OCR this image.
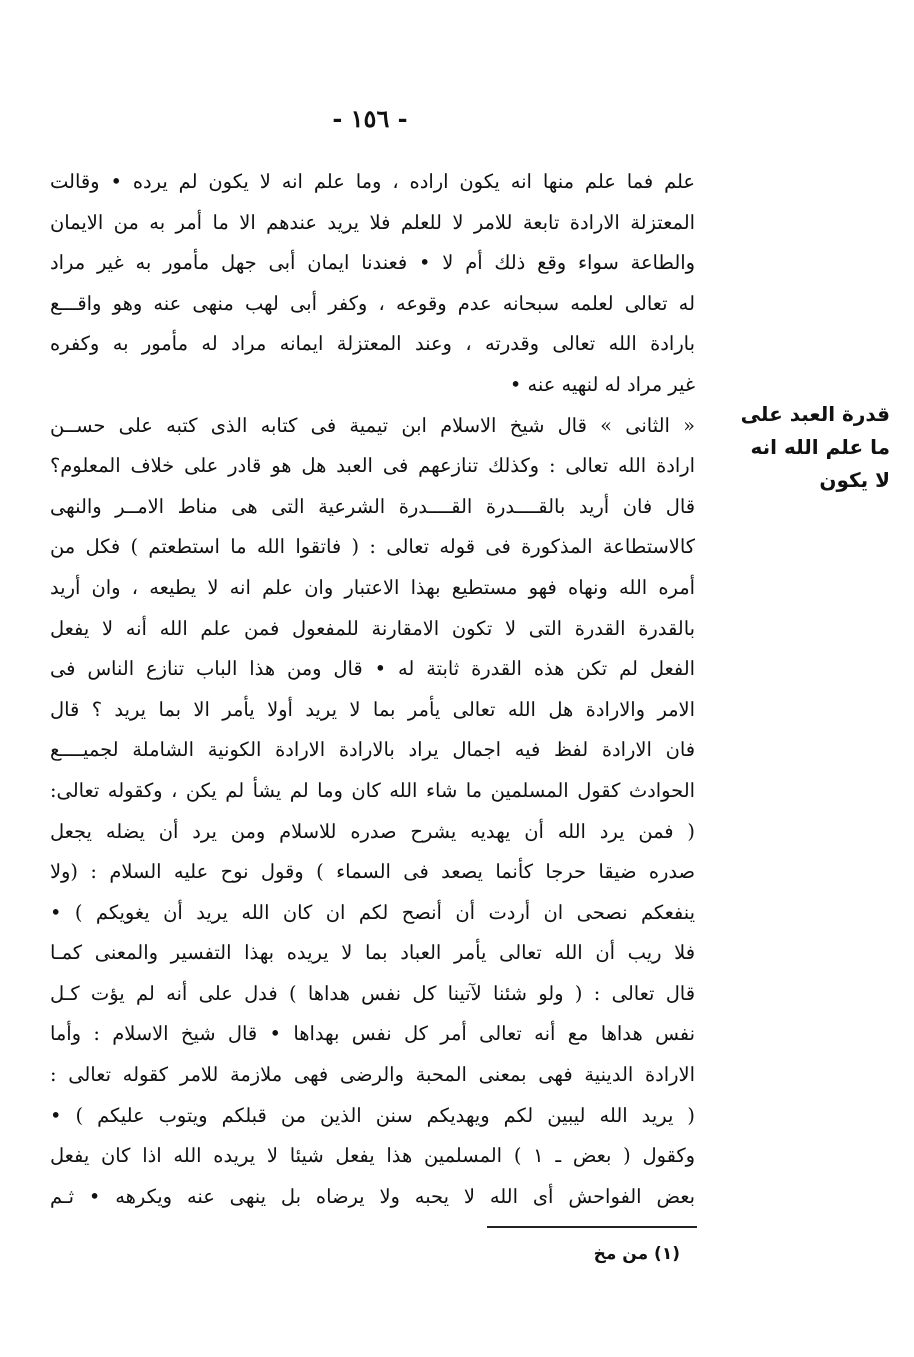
- ١٥٦ -
قدرة العبد على
ما علم الله انه
لا يكون
علم فما علم منها انه يكون اراده ، وما علم انه لا يكون لم يرده • وقالت
المعتزلة الارادة تابعة للامر لا للعلم فلا يريد عندهم الا ما أمر به من الايمان
والطاعة سواء وقع ذلك أم لا • فعندنا ايمان أبى جهل مأمور به غير مراد
له تعالى لعلمه سبحانه عدم وقوعه ، وكفر أبى لهب منهى عنه وهو واقـــع
بارادة الله تعالى وقدرته ، وعند المعتزلة ايمانه مراد له مأمور به وكفره
غير مراد له لنهيه عنه •
« الثانى » قال شيخ الاسلام ابن تيمية فى كتابه الذى كتبه على حســن
ارادة الله تعالى : وكذلك تنازعهم فى العبد هل هو قادر على خلاف المعلوم؟
قال فان أريد بالقــــدرة القــــدرة الشرعية التى هى مناط الامــر والنهى
كالاستطاعة المذكورة فى قوله تعالى : ( فاتقوا الله ما استطعتم ) فكل من
أمره الله ونهاه فهو مستطيع بهذا الاعتبار وان علم انه لا يطيعه ، وان أريد
بالقدرة القدرة التى لا تكون الامقارنة للمفعول فمن علم الله أنه لا يفعل
الفعل لم تكن هذه القدرة ثابتة له • قال ومن هذا الباب تنازع الناس فى
الامر والارادة هل الله تعالى يأمر بما لا يريد أولا يأمر الا بما يريد ؟ قال
فان الارادة لفظ فيه اجمال يراد بالارادة الارادة الكونية الشاملة لجميــــع
الحوادث كقول المسلمين ما شاء الله كان وما لم يشأ لم يكن ، وكقوله تعالى:
( فمن يرد الله أن يهديه يشرح صدره للاسلام ومن يرد أن يضله يجعل
صدره ضيقا حرجا كأنما يصعد فى السماء ) وقول نوح عليه السلام : (ولا
ينفعكم نصحى ان أردت أن أنصح لكم ان كان الله يريد أن يغويكم ) •
فلا ريب أن الله تعالى يأمر العباد بما لا يريده بهذا التفسير والمعنى كمـا
قال تعالى : ( ولو شئنا لآتينا كل نفس هداها ) فدل على أنه لم يؤت كـل
نفس هداها مع أنه تعالى أمر كل نفس بهداها • قال شيخ الاسلام : وأما
الارادة الدينية فهى بمعنى المحبة والرضى فهى ملازمة للامر كقوله تعالى :
( يريد الله ليبين لكم ويهديكم سنن الذين من قبلكم ويتوب عليكم ) •
وكقول ( بعض ـ ١ ) المسلمين هذا يفعل شيئا لا يريده الله اذا كان يفعل
بعض الفواحش أى الله لا يحبه ولا يرضاه بل ينهى عنه ويكرهه • ثـم
(١) من مخ
